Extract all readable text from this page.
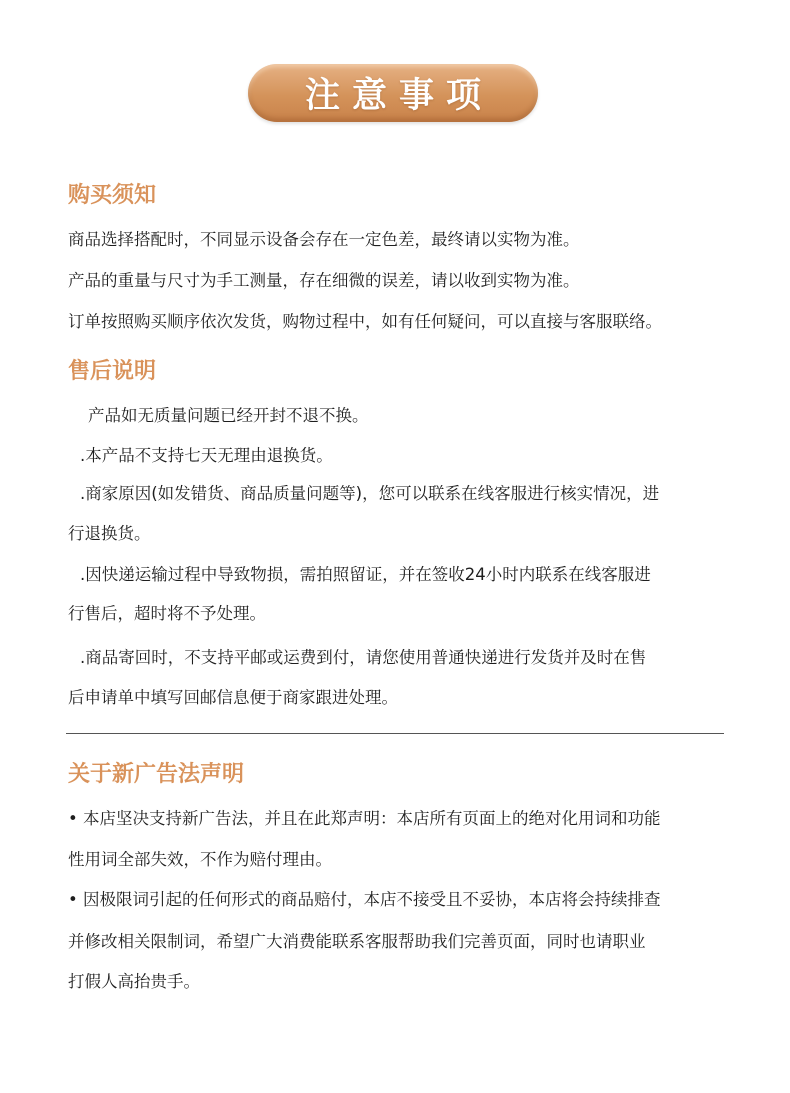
注意事项
购买须知

商品选择搭配时，不同显示设备会存在一定色差，最终请以实物为准。

产品的重量与尺寸为手工测量，存在细微的误差，请以收到实物为准。

订单按照购买顺序依次发货，购物过程中，如有任何疑问，可以直接与客服联络。

售后说明

产品如无质量问题已经开封不退不换。

.本产品不支持七天无理由退换货。

.商家原因(如发错货、商品质量问题等)，您可以联系在线客服进行核实情况，进

行退换货。

.因快递运输过程中导致物损，需拍照留证，并在签收24小时内联系在线客服进

行售后，超时将不予处理。

.商品寄回时，不支持平邮或运费到付，请您使用普通快递进行发货并及时在售

后申请单中填写回邮信息便于商家跟进处理。

关于新广告法声明

• 本店坚决支持新广告法，并且在此郑声明：本店所有页面上的绝对化用词和功能

性用词全部失效，不作为赔付理由。

• 因极限词引起的任何形式的商品赔付，本店不接受且不妥协，本店将会持续排查

并修改相关限制词，希望广大消费能联系客服帮助我们完善页面，同时也请职业

打假人高抬贵手。
